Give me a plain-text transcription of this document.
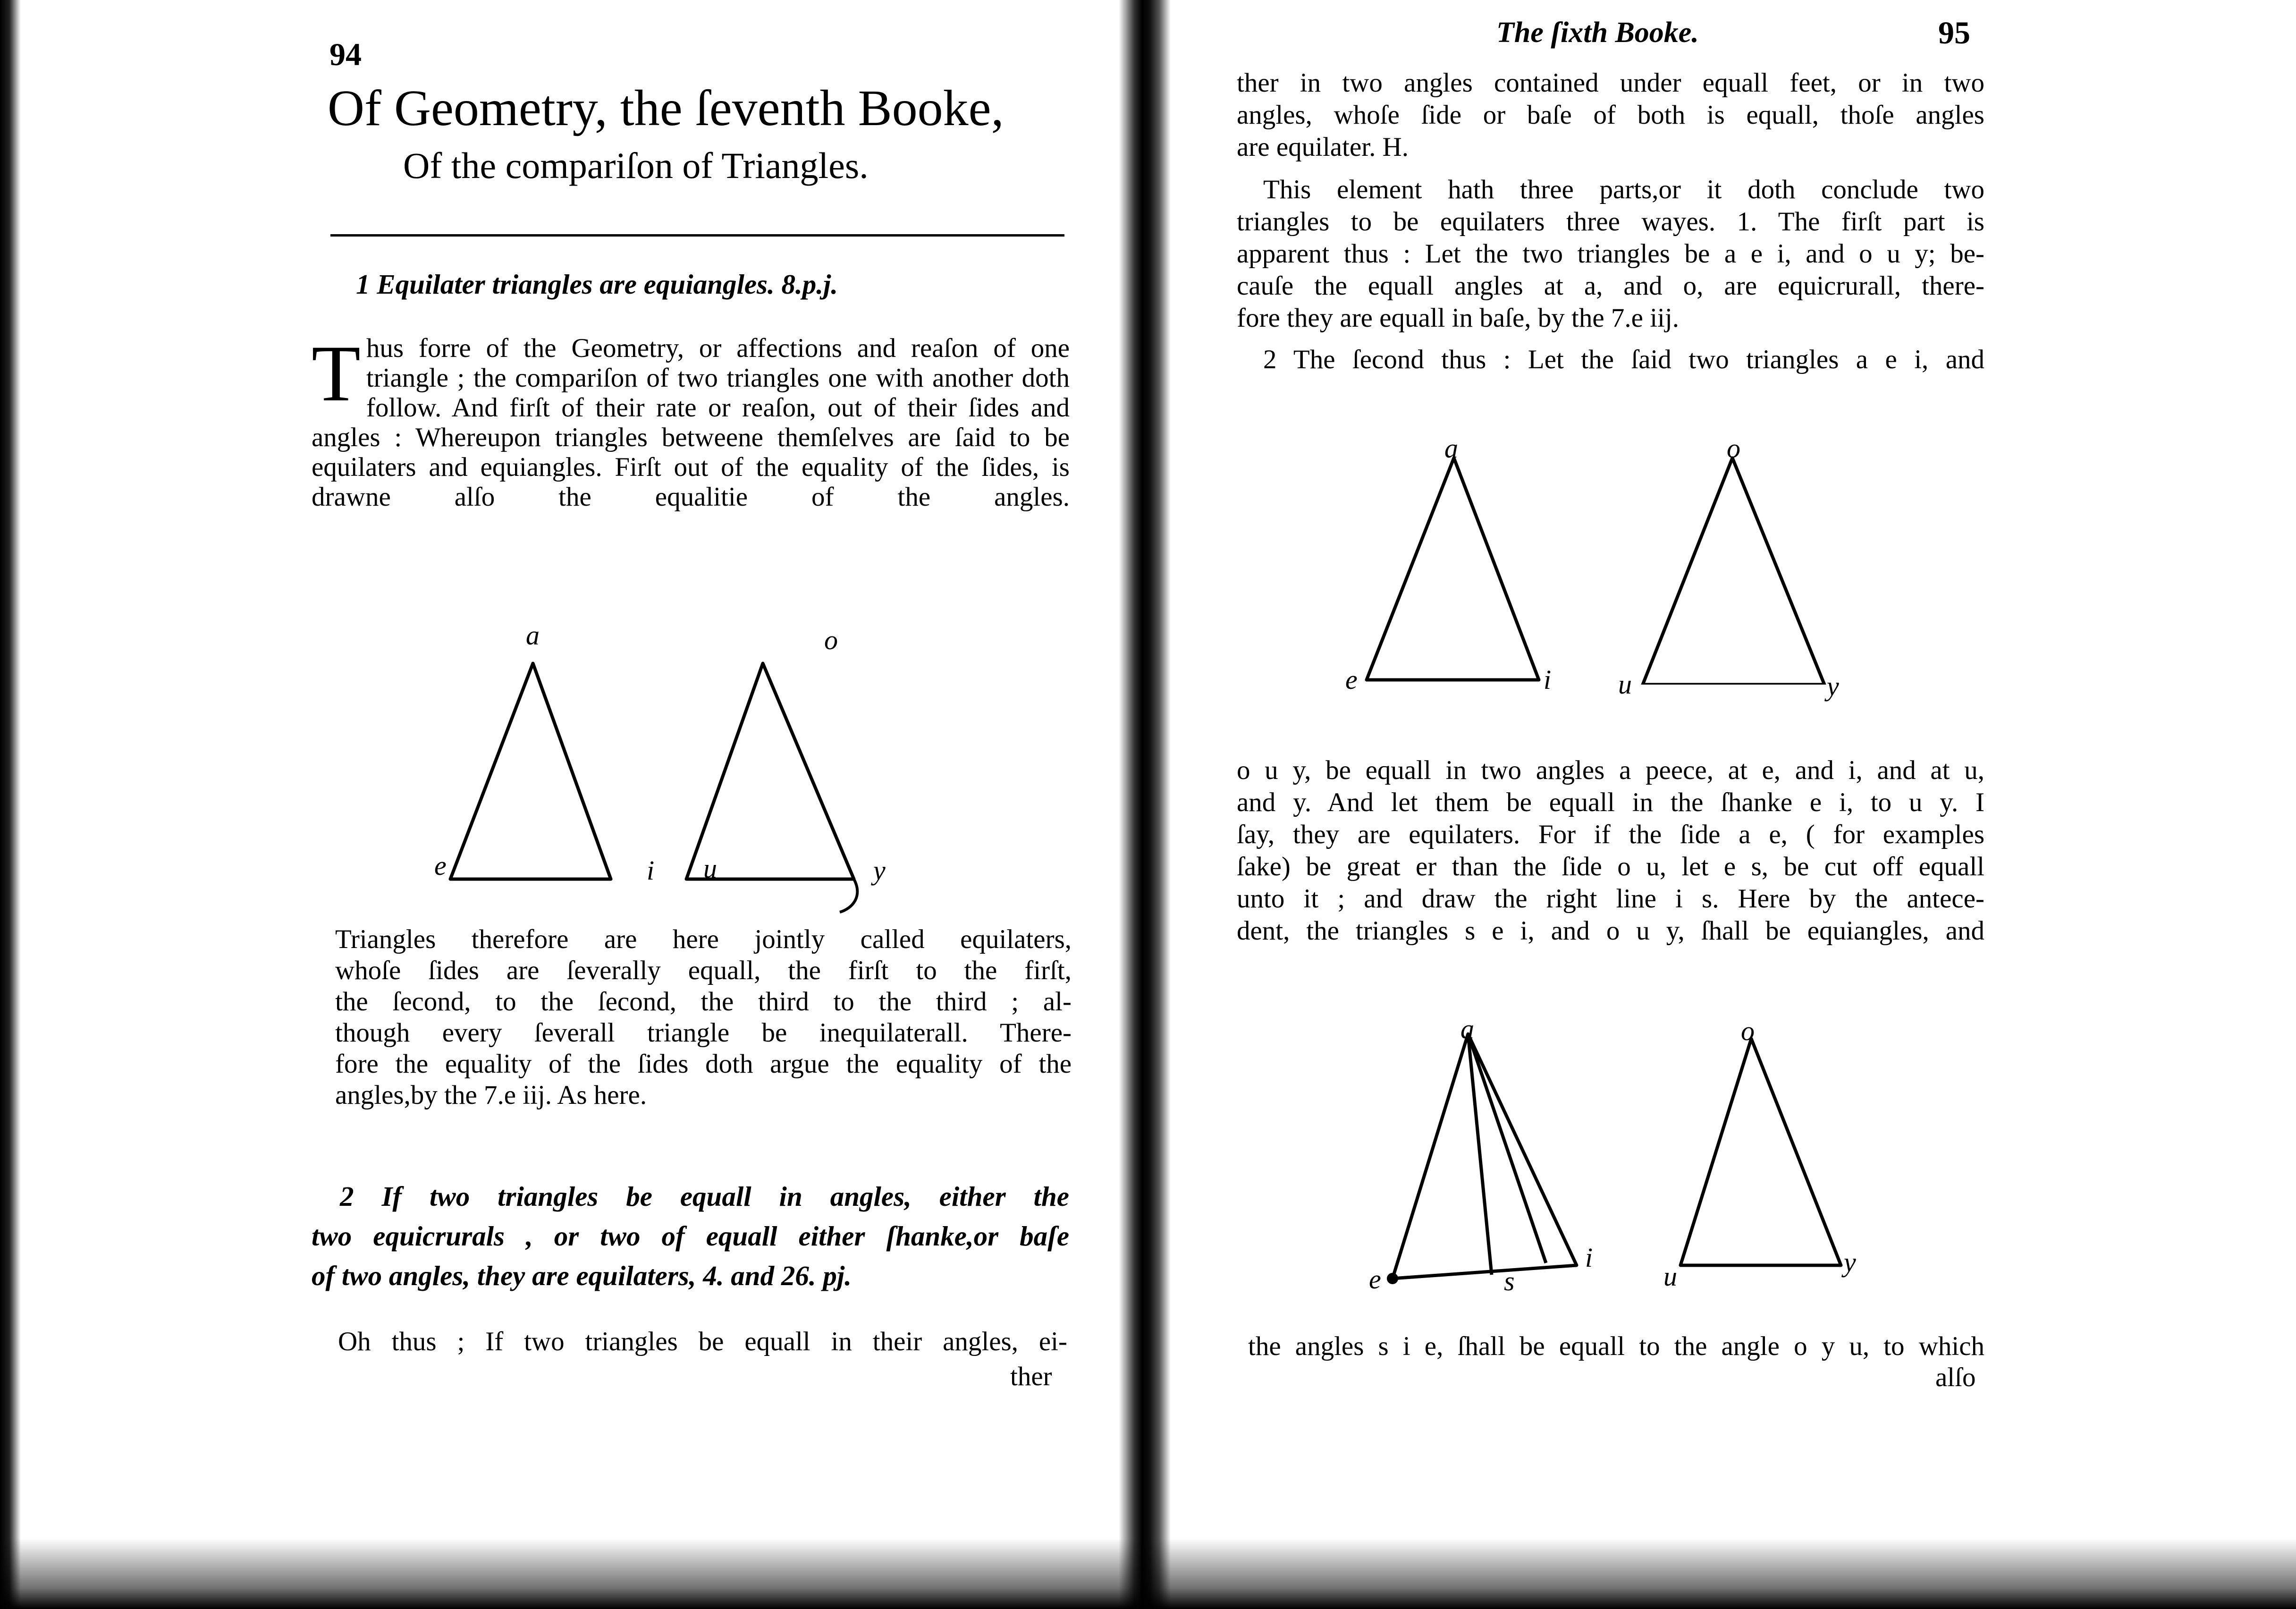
94
Of Geometry, the ſeventh Booke,
Of the compariſon of Triangles.
1 Equilater triangles are equiangles. 8.p.j.
Thus forre of the Geometry, or affections and reaſon of one triangle ; the compariſon of two triangles one with another doth follow. And firſt of their rate or reaſon, out of their ſides and angles : Whereupon triangles betweene themſelves are ſaid to be equilaters and equiangles. Firſt out of the equality of the ſides, is drawne alſo the equalitie of the angles.
a
e	i
o
u	y
Triangles therefore are here jointly called equilaters,
whoſe ſides are ſeverally equall, the firſt to the firſt,
the ſecond, to the ſecond, the third to the third ; al-
though every ſeverall triangle be inequilaterall. There-
fore the equality of the ſides doth argue the equality of the
angles,by the 7.e iij. As here.
2 If two triangles be equall in angles, either the
two equicrurals , or two of equall either ſhanke,or baſe
of two angles, they are equilaters, 4. and 26. pj.
Oh thus ; If two triangles be equall in their angles, ei-
ther
The ſixth Booke.	95
ther in two angles contained under equall feet, or in two
angles, whoſe ſide or baſe of both is equall, thoſe angles
are equilater. H.
This element hath three parts,or it doth conclude two
triangles to be equilaters three wayes. 1. The firſt part is
apparent thus : Let the two triangles be a e i, and o u y; be-
cauſe the equall angles at a, and o, are equicrurall, there-
fore they are equall in baſe, by the 7.e iij.
2 The ſecond thus : Let the ſaid two triangles a e i, and
a
e	i
o
u	y
o u y, be equall in two angles a peece, at e, and i, and at u,
and y. And let them be equall in the ſhanke e i, to u y. I
ſay, they are equilaters. For if the ſide a e, ( for examples
ſake) be great er than the ſide o u, let e s, be cut off equall
unto it ; and draw the right line i s. Here by the antece-
dent, the triangles s e i, and o u y, ſhall be equiangles, and
a
e	s
i
o
u	y
the angles s i e, ſhall be equall to the angle o y u, to which
alſo
